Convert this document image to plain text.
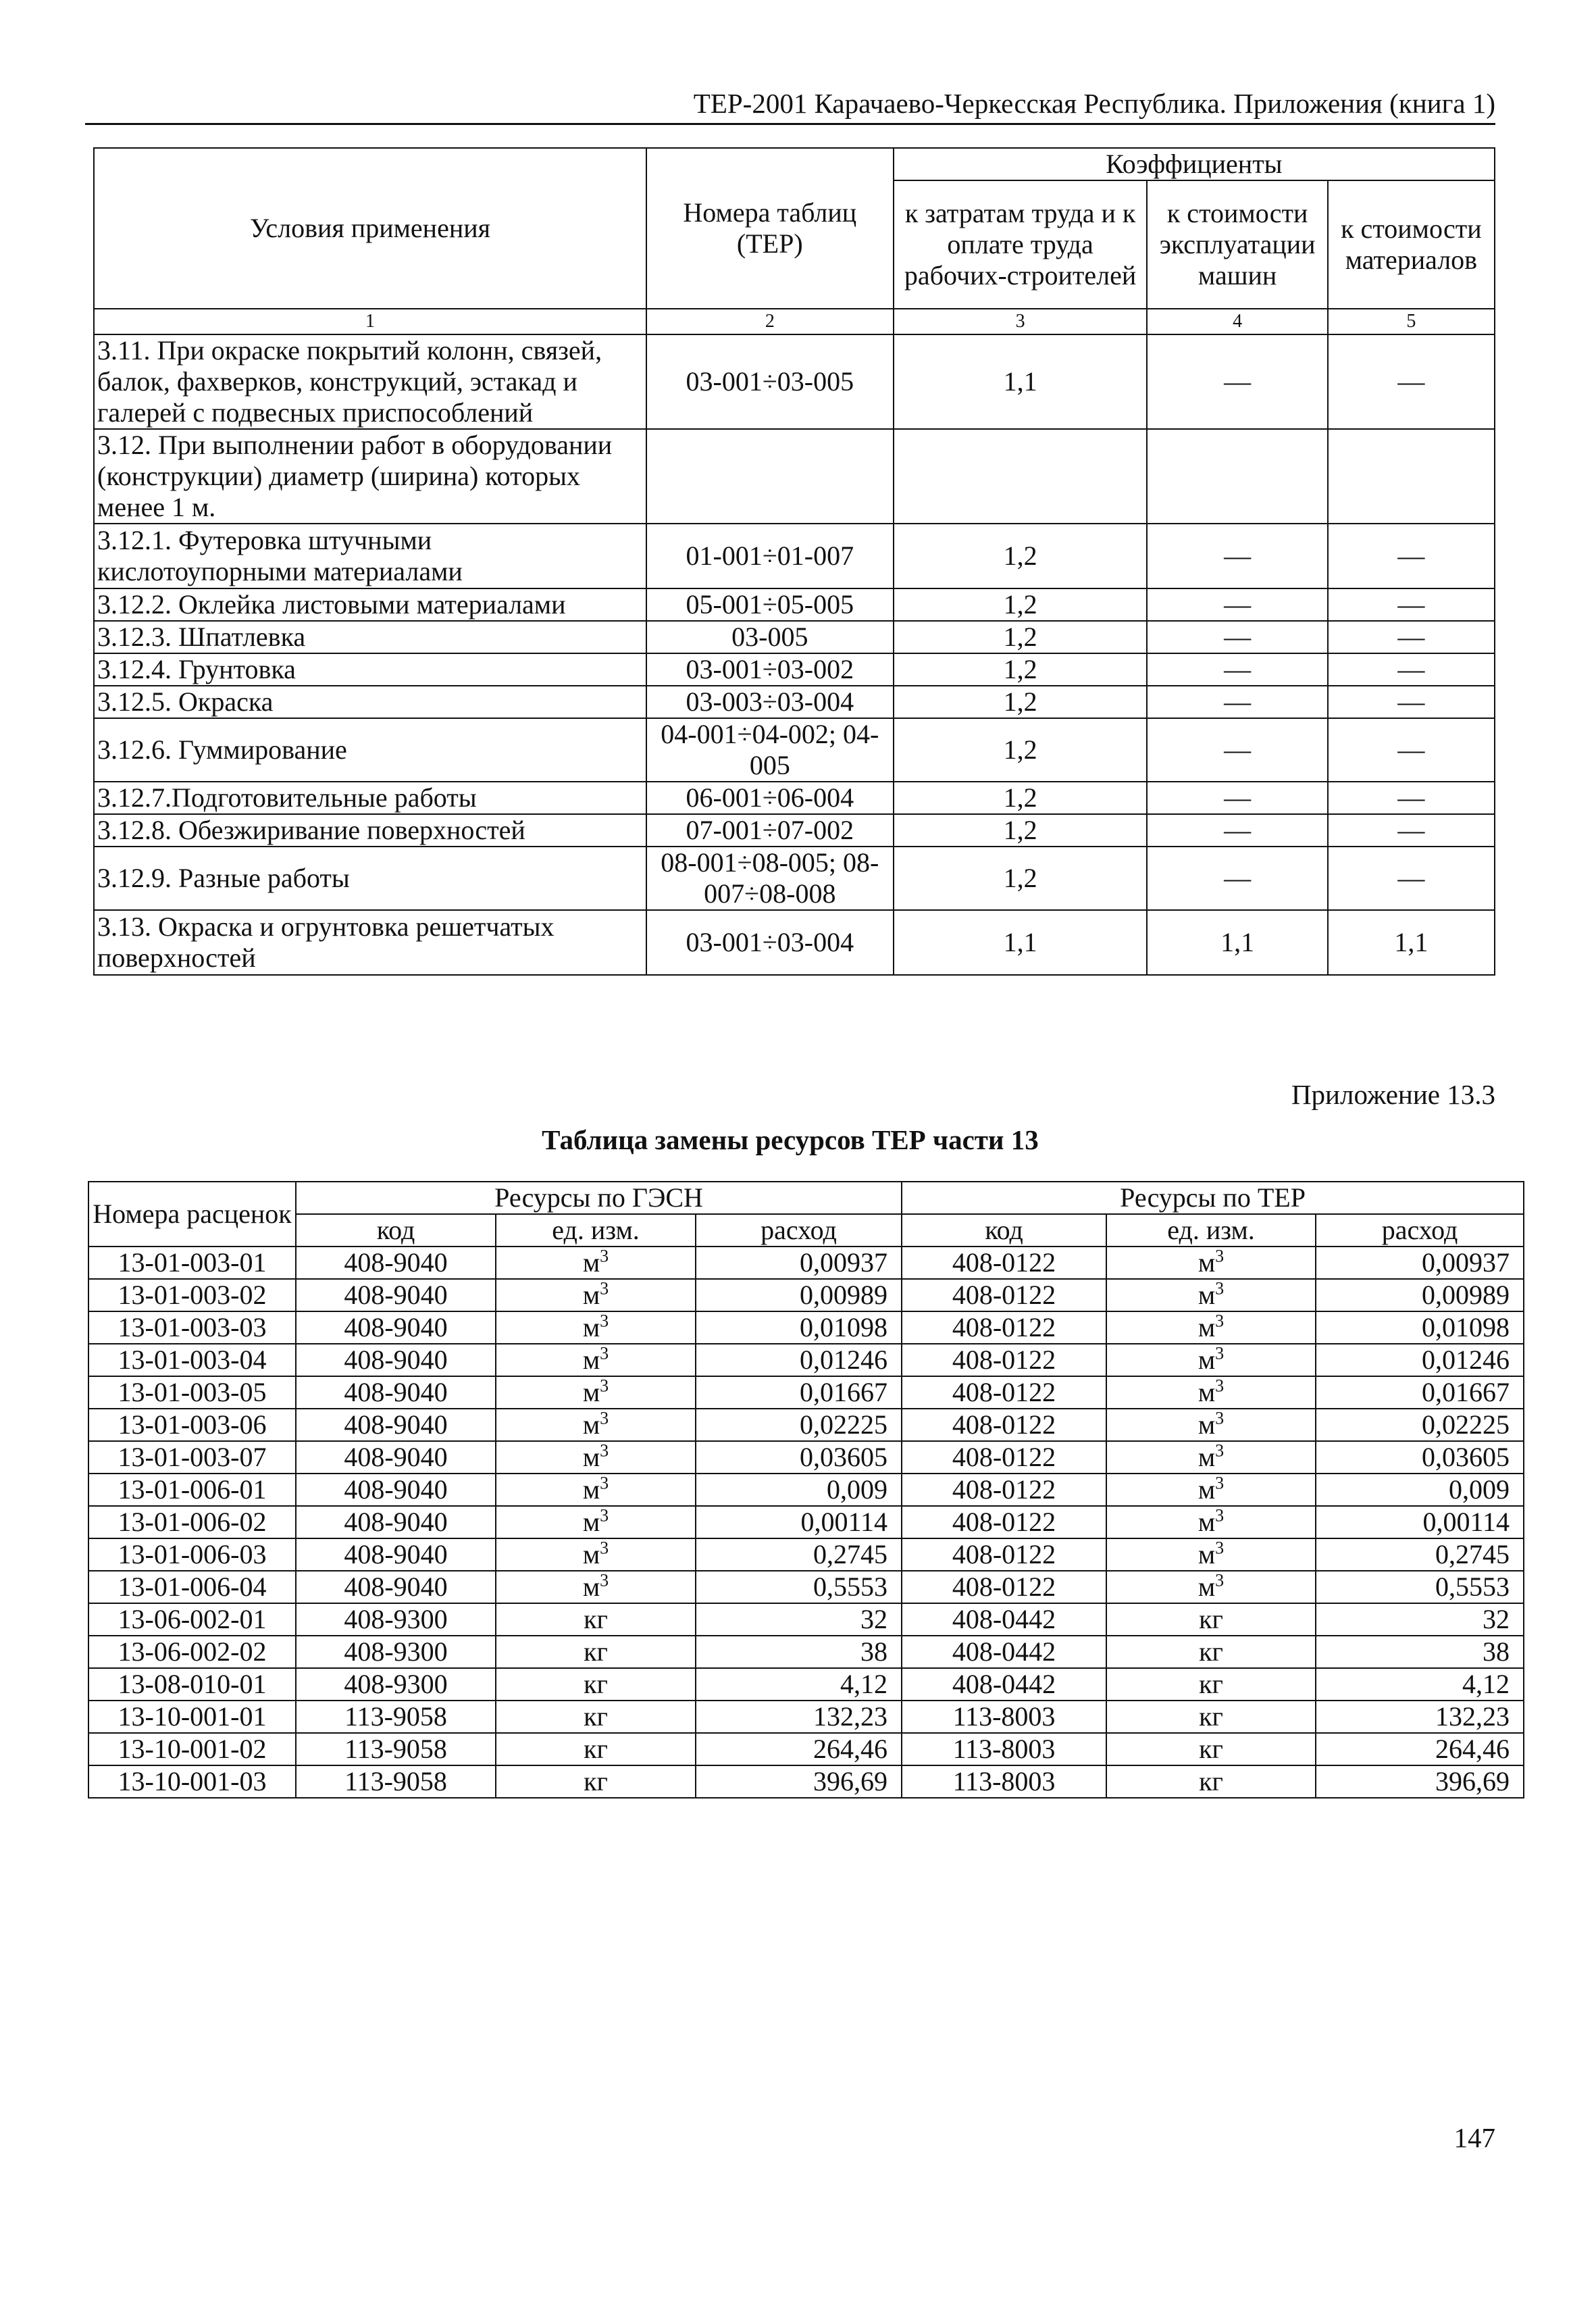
ТЕР-2001 Карачаево-Черкесская Республика. Приложения (книга 1)
Условия применения	Номера таблиц (ТЕР)	Коэффициенты		
		к затратам труда и к оплате труда рабочих-строителей	к стоимости эксплуатации машин	к стоимости материалов
1	2	3	4	5
3.11. При окраске покрытий колонн, связей, балок, фахверков, конструкций, эстакад и галерей с подвесных приспособлений	03-001÷03-005	1,1	—	—
3.12. При выполнении работ в оборудовании (конструкции) диаметр (ширина) которых менее 1 м.				
3.12.1. Футеровка штучными кислотоупорными материалами	01-001÷01-007	1,2	—	—
3.12.2. Оклейка листовыми материалами	05-001÷05-005	1,2	—	—
3.12.3. Шпатлевка	03-005	1,2	—	—
3.12.4. Грунтовка	03-001÷03-002	1,2	—	—
3.12.5. Окраска	03-003÷03-004	1,2	—	—
3.12.6. Гуммирование	04-001÷04-002; 04-005	1,2	—	—
3.12.7.Подготовительные работы	06-001÷06-004	1,2	—	—
3.12.8. Обезжиривание поверхностей	07-001÷07-002	1,2	—	—
3.12.9. Разные работы	08-001÷08-005; 08-007÷08-008	1,2	—	—
3.13. Окраска и огрунтовка решетчатых поверхностей	03-001÷03-004	1,1	1,1	1,1
Приложение 13.3
Таблица замены ресурсов ТЕР части 13
Номера расценок	Ресурсы по ГЭСН			Ресурсы по ТЕР		
	код	ед. изм.	расход	код	ед. изм.	расход
13-01-003-01	408-9040	$м^3$	0,00937	408-0122	$м^3$	0,00937
13-01-003-02	408-9040	$м^3$	0,00989	408-0122	$м^3$	0,00989
13-01-003-03	408-9040	$м^3$	0,01098	408-0122	$м^3$	0,01098
13-01-003-04	408-9040	$м^3$	0,01246	408-0122	$м^3$	0,01246
13-01-003-05	408-9040	$м^3$	0,01667	408-0122	$м^3$	0,01667
13-01-003-06	408-9040	$м^3$	0,02225	408-0122	$м^3$	0,02225
13-01-003-07	408-9040	$м^3$	0,03605	408-0122	$м^3$	0,03605
13-01-006-01	408-9040	$м^3$	0,009	408-0122	$м^3$	0,009
13-01-006-02	408-9040	$м^3$	0,00114	408-0122	$м^3$	0,00114
13-01-006-03	408-9040	$м^3$	0,2745	408-0122	$м^3$	0,2745
13-01-006-04	408-9040	$м^3$	0,5553	408-0122	$м^3$	0,5553
13-06-002-01	408-9300	кг	32	408-0442	кг	32
13-06-002-02	408-9300	кг	38	408-0442	кг	38
13-08-010-01	408-9300	кг	4,12	408-0442	кг	4,12
13-10-001-01	113-9058	кг	132,23	113-8003	кг	132,23
13-10-001-02	113-9058	кг	264,46	113-8003	кг	264,46
13-10-001-03	113-9058	кг	396,69	113-8003	кг	396,69
147
